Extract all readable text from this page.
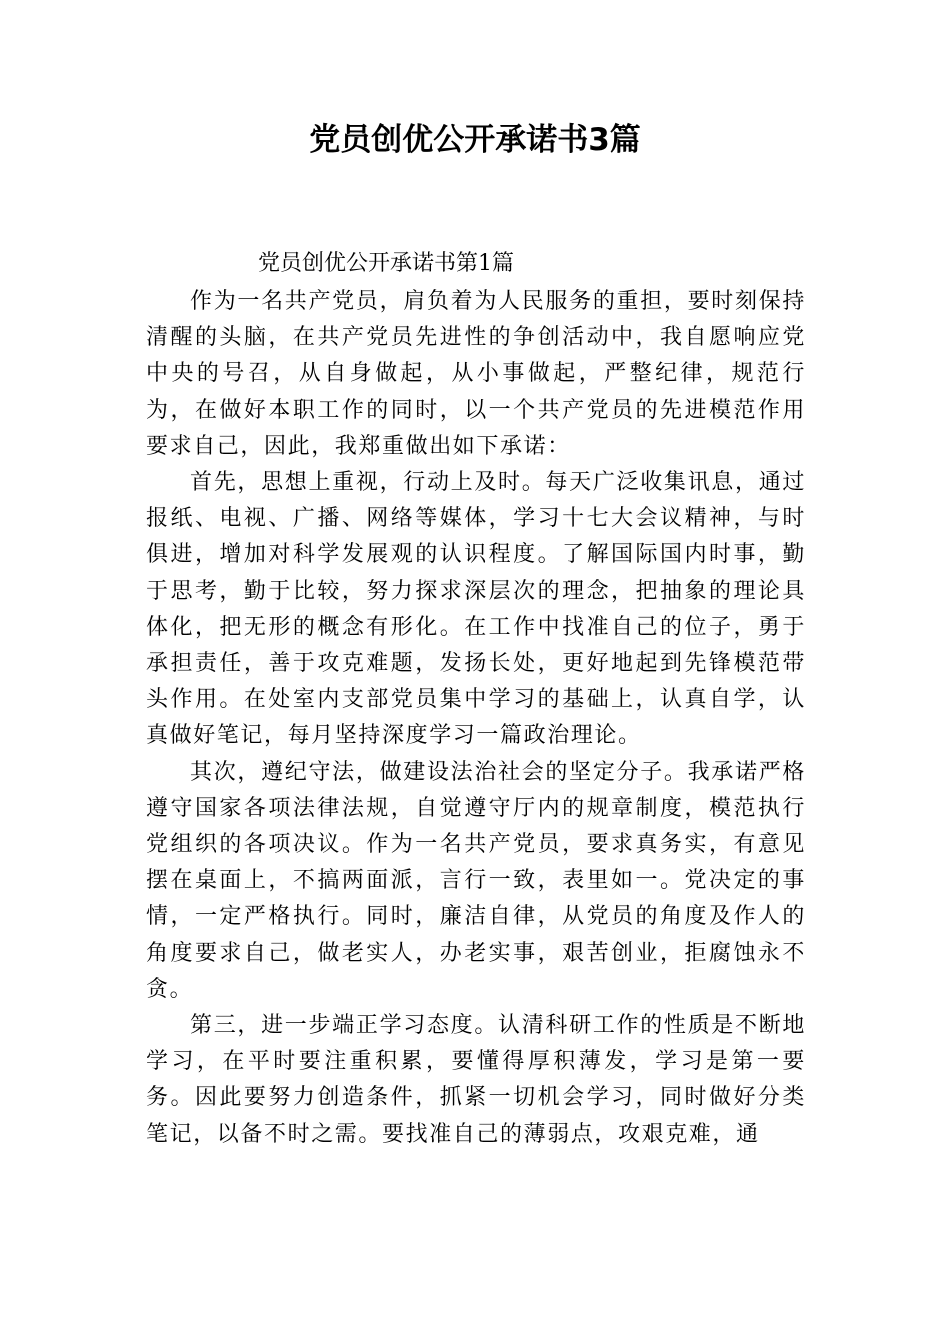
党员创优公开承诺书3篇
党员创优公开承诺书第1篇

作为一名共产党员，肩负着为人民服务的重担，要时刻保持清醒的头脑，在共产党员先进性的争创活动中，我自愿响应党中央的号召，从自身做起，从小事做起，严整纪律，规范行为，在做好本职工作的同时，以一个共产党员的先进模范作用要求自己，因此，我郑重做出如下承诺：

首先，思想上重视，行动上及时。每天广泛收集讯息，通过报纸、电视、广播、网络等媒体，学习十七大会议精神，与时俱进，增加对科学发展观的认识程度。了解国际国内时事，勤于思考，勤于比较，努力探求深层次的理念，把抽象的理论具体化，把无形的概念有形化。在工作中找准自己的位子，勇于承担责任，善于攻克难题，发扬长处，更好地起到先锋模范带头作用。在处室内支部党员集中学习的基础上，认真自学，认真做好笔记，每月坚持深度学习一篇政治理论。

其次，遵纪守法，做建设法治社会的坚定分子。我承诺严格遵守国家各项法律法规，自觉遵守厅内的规章制度，模范执行党组织的各项决议。作为一名共产党员，要求真务实，有意见摆在桌面上，不搞两面派，言行一致，表里如一。党决定的事情，一定严格执行。同时，廉洁自律，从党员的角度及作人的角度要求自己，做老实人，办老实事，艰苦创业，拒腐蚀永不贪。

第三，进一步端正学习态度。认清科研工作的性质是不断地学习，在平时要注重积累，要懂得厚积薄发，学习是第一要务。因此要努力创造条件，抓紧一切机会学习，同时做好分类笔记，以备不时之需。要找准自己的薄弱点，攻艰克难，通
